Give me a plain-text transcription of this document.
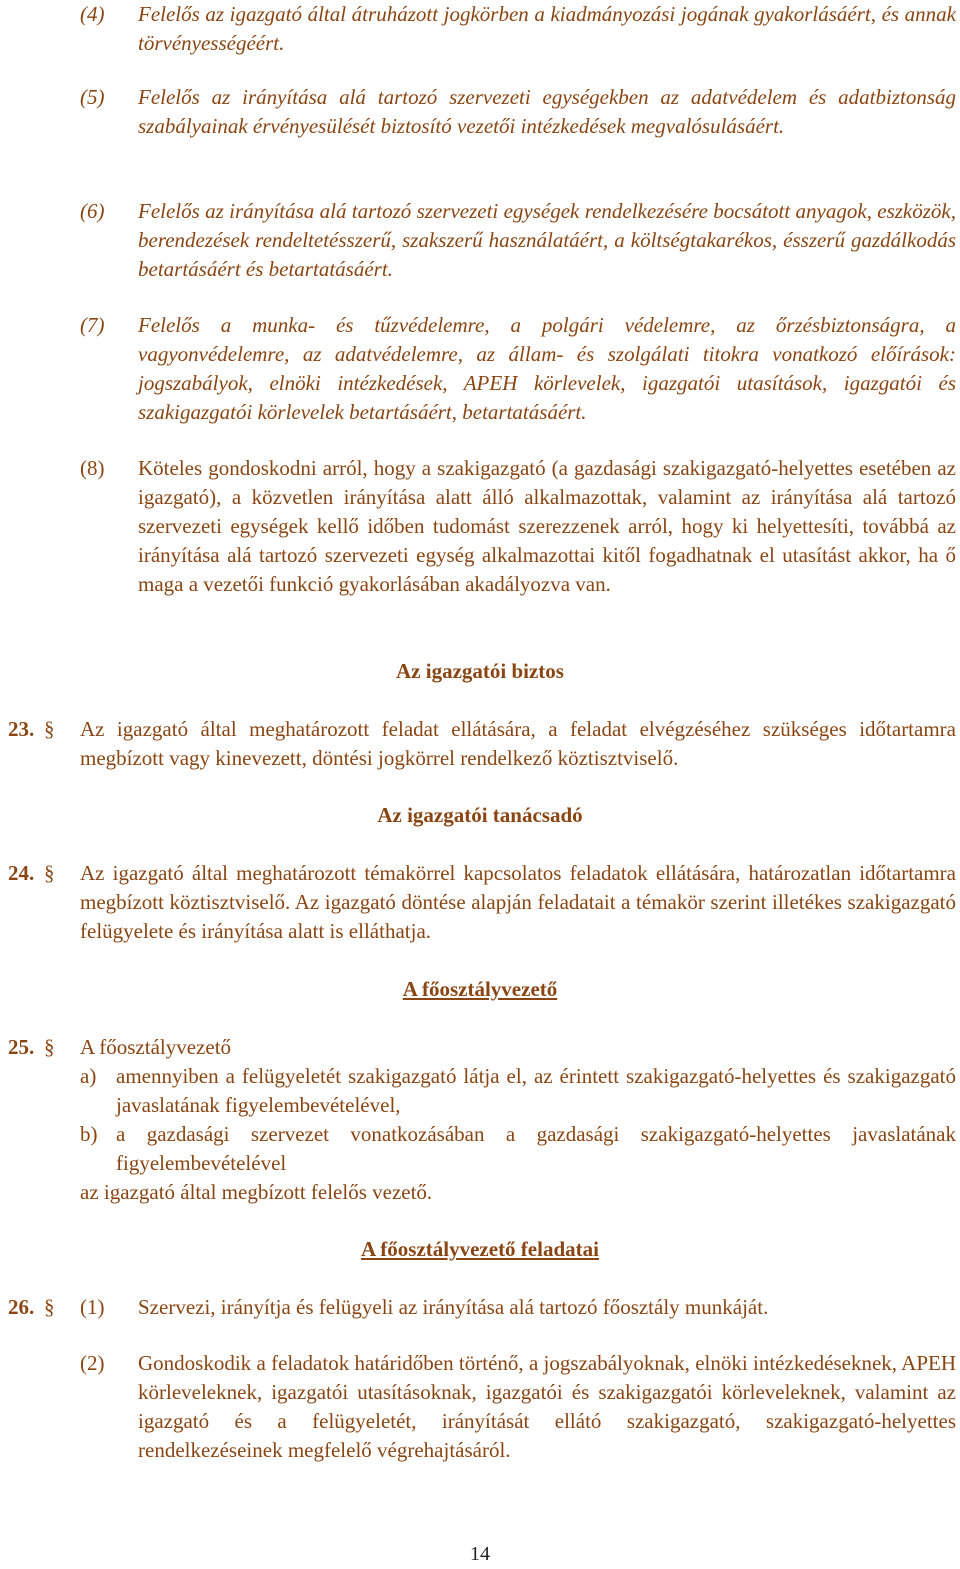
(4) Felelős az igazgató által átruházott jogkörben a kiadmányozási jogának gyakorlásáért, és annak törvényességéért.
(5) Felelős az irányítása alá tartozó szervezeti egységekben az adatvédelem és adatbiztonság szabályainak érvényesülését biztosító vezetői intézkedések megvalósulásáért.
(6) Felelős az irányítása alá tartozó szervezeti egységek rendelkezésére bocsátott anyagok, eszközök, berendezések rendeltetésszerű, szakszerű használatáért, a költségtakarékos, ésszerű gazdálkodás betartásáért és betartatásáért.
(7) Felelős a munka- és tűzvédelemre, a polgári védelemre, az őrzésbiztonságra, a vagyonvédelemre, az adatvédelemre, az állam- és szolgálati titokra vonatkozó előírások: jogszabályok, elnöki intézkedések, APEH körlevelek, igazgatói utasítások, igazgatói és szakigazgatói körlevelek betartásáért, betartatásáért.
(8) Köteles gondoskodni arról, hogy a szakigazgató (a gazdasági szakigazgató-helyettes esetében az igazgató), a közvetlen irányítása alatt álló alkalmazottak, valamint az irányítása alá tartozó szervezeti egységek kellő időben tudomást szerezzenek arról, hogy ki helyettesíti, továbbá az irányítása alá tartozó szervezeti egység alkalmazottai kitől fogadhatnak el utasítást akkor, ha ő maga a vezetői funkció gyakorlásában akadályozva van.
Az igazgatói biztos
23. § Az igazgató által meghatározott feladat ellátására, a feladat elvégzéséhez szükséges időtartamra megbízott vagy kinevezett, döntési jogkörrel rendelkező köztisztviselő.
Az igazgatói tanácsadó
24. § Az igazgató által meghatározott témakörrel kapcsolatos feladatok ellátására, határozatlan időtartamra megbízott köztisztviselő. Az igazgató döntése alapján feladatait a témakör szerint illetékes szakigazgató felügyelete és irányítása alatt is elláthatja.
A főosztályvezető
25. § A főosztályvezető
a) amennyiben a felügyeletét szakigazgató látja el, az érintett szakigazgató-helyettes és szakigazgató javaslatának figyelembevételével,
b) a gazdasági szervezet vonatkozásában a gazdasági szakigazgató-helyettes javaslatának figyelembevételével
az igazgató által megbízott felelős vezető.
A főosztályvezető feladatai
26. § (1) Szervezi, irányítja és felügyeli az irányítása alá tartozó főosztály munkáját.
(2) Gondoskodik a feladatok határidőben történő, a jogszabályoknak, elnöki intézkedéseknek, APEH körleveleknek, igazgatói utasításoknak, igazgatói és szakigazgatói körleveleknek, valamint az igazgató és a felügyeletét, irányítását ellátó szakigazgató, szakigazgató-helyettes rendelkezéseinek megfelelő végrehajtásáról.
14
